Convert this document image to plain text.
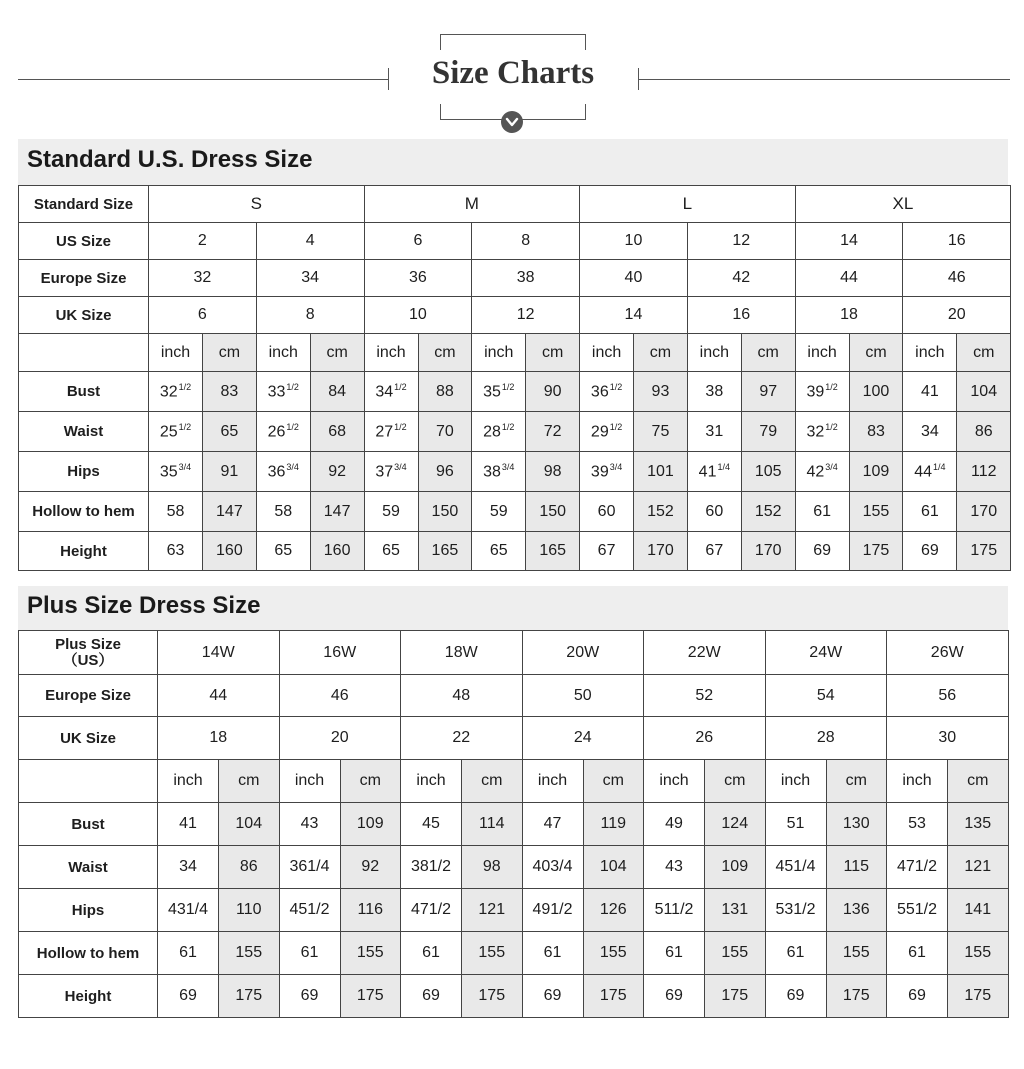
Size Charts
Standard U.S. Dress Size
Standard Size	S				M				L				XL			
US Size	2		4		6		8		10		12		14		16	
Europe Size	32		34		36		38		40		42		44		46	
UK Size	6		8		10		12		14		16		18		20	
	inch	cm	inch	cm	inch	cm	inch	cm	inch	cm	inch	cm	inch	cm	inch	cm
Bust	$32^{1/2}$	83	$33^{1/2}$	84	$34^{1/2}$	88	$35^{1/2}$	90	$36^{1/2}$	93	38	97	$39^{1/2}$	100	41	104
Waist	$25^{1/2}$	65	$26^{1/2}$	68	$27^{1/2}$	70	$28^{1/2}$	72	$29^{1/2}$	75	31	79	$32^{1/2}$	83	34	86
Hips	$35^{3/4}$	91	$36^{3/4}$	92	$37^{3/4}$	96	$38^{3/4}$	98	$39^{3/4}$	101	$41^{1/4}$	105	$42^{3/4}$	109	$44^{1/4}$	112
Hollow to hem	58	147	58	147	59	150	59	150	60	152	60	152	61	155	61	170
Height	63	160	65	160	65	165	65	165	67	170	67	170	69	175	69	175
Plus Size Dress Size
Plus Size
（US）	14W		16W		18W		20W		22W		24W		26W	
Europe Size	44		46		48		50		52		54		56	
UK Size	18		20		22		24		26		28		30	
	inch	cm	inch	cm	inch	cm	inch	cm	inch	cm	inch	cm	inch	cm
Bust	41	104	43	109	45	114	47	119	49	124	51	130	53	135
Waist	34	86	361/4	92	381/2	98	403/4	104	43	109	451/4	115	471/2	121
Hips	431/4	110	451/2	116	471/2	121	491/2	126	511/2	131	531/2	136	551/2	141
Hollow to hem	61	155	61	155	61	155	61	155	61	155	61	155	61	155
Height	69	175	69	175	69	175	69	175	69	175	69	175	69	175
